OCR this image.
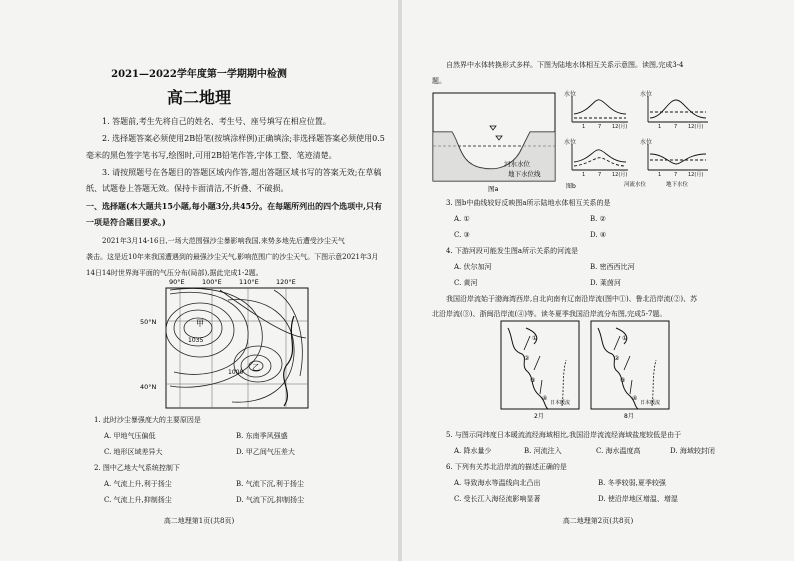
2021—2022学年度第一学期期中检测
高二地理
1. 答题前,考生先将自己的姓名、考生号、座号填写在相应位置。
2. 选择题答案必须使用2B铅笔(按填涂样例)正确填涂;非选择题答案必须使用0.5
毫米的黑色签字笔书写,绘图时,可用2B铅笔作答,字体工整、笔迹清楚。
3. 请按照题号在各题目的答题区域内作答,超出答题区域书写的答案无效;在草稿
纸、试题卷上答题无效。保持卡面清洁,不折叠、不破损。
一、选择题(本大题共15小题,每小题3分,共45分。在每题所列出的四个选项中,只有
一项是符合题目要求。)
2021年3月14-16日,一场大范围强沙尘暴影响我国,来势多地先后遭受沙尘天气
袭击。这是近10年来我国遭遇到的最强沙尘天气,影响范围广的沙尘天气。下图示意2021年3月
14日14时世界海平面的气压分布(局部),据此完成1-2题。
90°E	100°E	110°E	120°E
50°N
40°N
1035
1000
甲
乙
1. 此时沙尘暴强度大的主要原因是
A. 甲地气压偏低	B. 东南季风强盛
C. 地形区域差异大	D. 甲乙间气压差大
2. 图中乙地大气系统控制下
A. 气流上升,利于扬尘	B. 气流下沉,利于扬尘
C. 气流上升,抑制扬尘	D. 气流下沉,抑制扬尘
高二地理第1页(共8页)
自然界中水体转换形式多样。下图为陆地水体相互关系示意图。读图,完成3-4
题。
河水水位
地下水位线
图a
水位
1	7 12(月)
水位
1	7 12(月)
水位
1	7 12(月)
水位
1	7 12(月)
图b	地下水位
河流水位
3. 图b中曲线较好反映图a所示陆地水体相互关系的是
A. ①	B. ②
C. ③	D. ④
4. 下游河段可能发生图a所示关系的河流是
A. 伏尔加河	B. 密西西比河
C. 黄河	D. 莱茵河
我国沿岸流始于渤海湾西岸,自北向南有辽南沿岸流(图中①)、鲁北沿岸流(②)、苏
北沿岸流(③)、浙闽沿岸流(④)等。读冬夏季我国沿岸流分布图,完成5-7题。
①
②
③
④
日本暖流
2月
①
②
③
④
日本暖流
8月
5. 与图示同纬度日本暖流流经海域相比,我国沿岸流流经海域盐度较低是由于
A. 降水量少	B. 河流注入	C. 海水温度高	D. 海域较封闭
6. 下列有关苏北沿岸流的描述正确的是
A. 导致海水等温线向北凸出	B. 冬季较弱,夏季较强
C. 受长江入海径流影响显著	D. 使沿岸地区增温、增湿
高二地理第2页(共8页)
